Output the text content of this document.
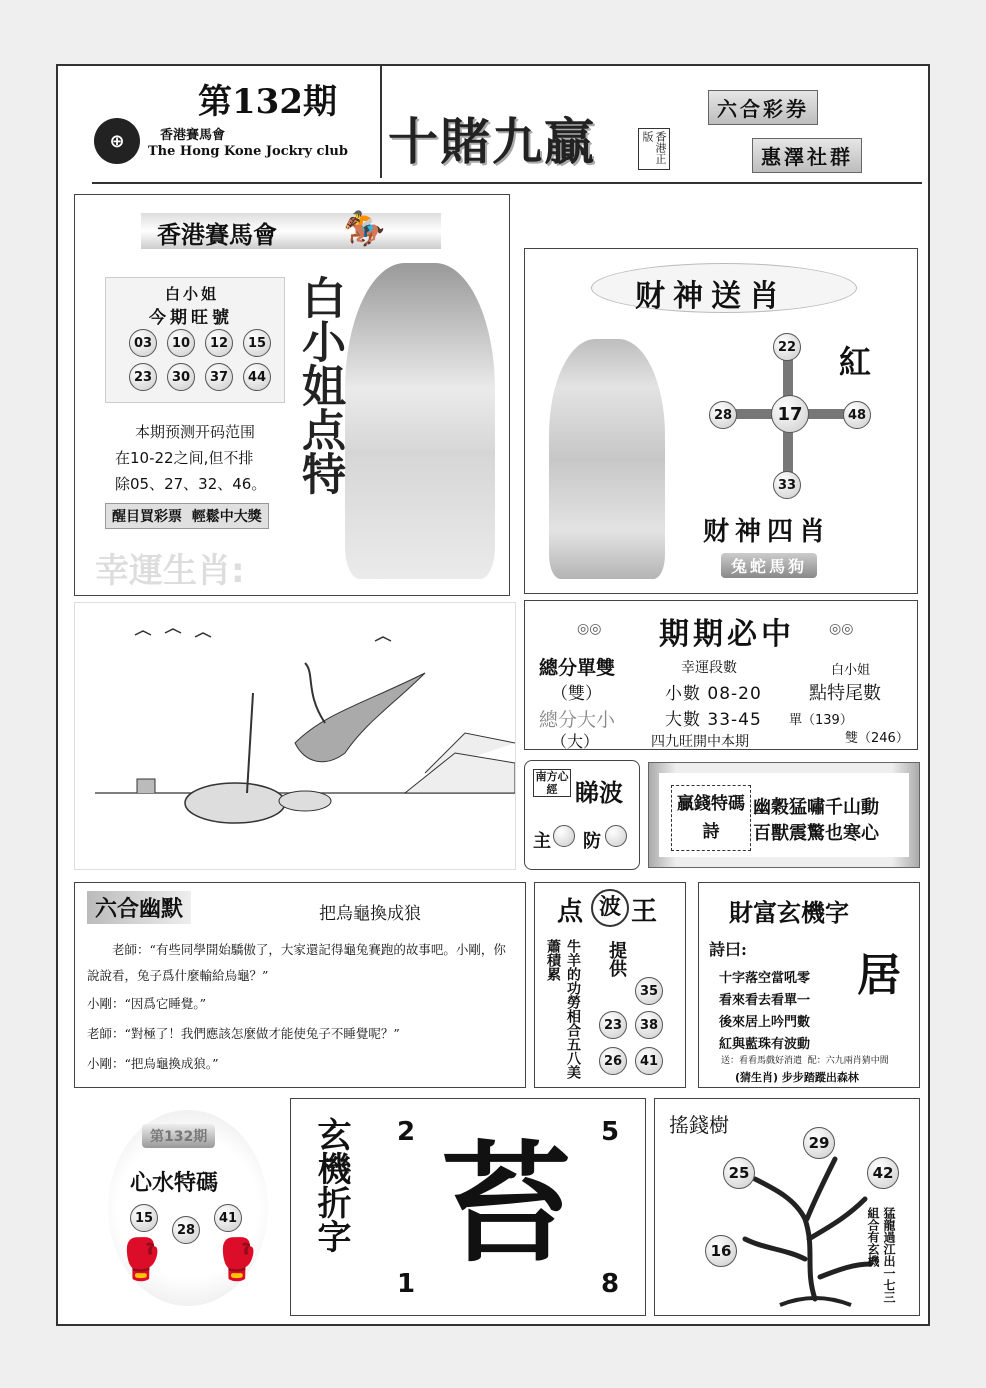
第132期
⊕	香港賽馬會
The Hong Kone Jockry club 十賭九贏	香港正版
六合彩券
惠澤社群
香港賽馬會 🏇
白小姐
今期旺號
03	10	12	15
23	30	37	44
本期预测开码范围
在10-22之间,但不排
除05、27、32、46。
醒目買彩票  輕鬆中大獎
白小姐点特
幸運生肖:
财神送肖
22
28	17	48
33
紅
财神四肖
兔蛇馬狗
◎◎ 期期必中 ◎◎
總分單雙	幸運段數	白小姐
（雙）	小數 08-20	點特尾數
總分大小	大數 33-45 單（139）
（大）	四九旺開中本期	雙（246）
南方心經 睇波
主 防
贏錢特碼詩
幽穀猛嘯千山動
百獸震驚也寒心
六合幽默	把烏龜換成狼
老師：“有些同學開始驕傲了，大家還記得龜兔賽跑的故事吧。小剛，你說說看，兔子爲什麼輸給烏龜？”
小剛：“因爲它睡覺。”
老師：“對極了！我們應該怎麼做才能使兔子不睡覺呢？”
小剛：“把烏龜換成狼。”
点 波 王
牛羊的功勞相合五八美蕭積累	提供
35
23	38
26	41
財富玄機字
詩曰:
十字落空當吼零
看來看去看單一
後來居上吟門數
紅與藍珠有波動
居
送：看看馬戲好消遣  配：六九兩肖猜中間
(猜生肖) 步步踏蹤出森林
第132期
心水特碼
15
28
41
🥊 🥊
玄機折字 2	5
1	8
苔
搖錢樹
29
25	42
16	猛龍過江出一七三組合有玄機
